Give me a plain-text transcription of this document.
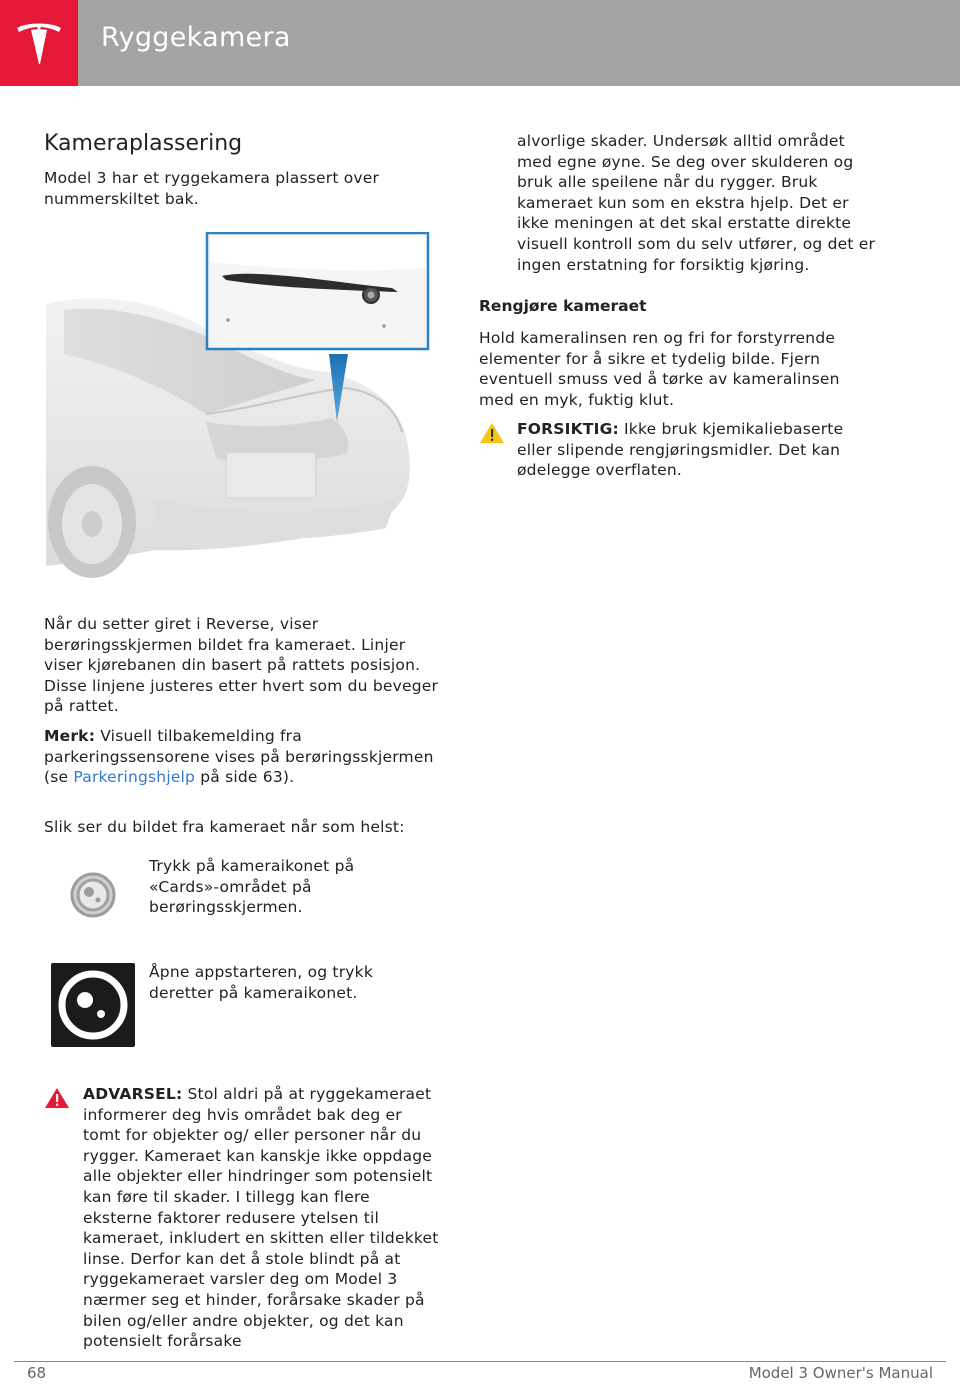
Ryggekamera
Kameraplassering

Model 3 har et ryggekamera plassert over nummerskiltet bak.

Når du setter giret i Reverse, viser berøringsskjermen bildet fra kameraet. Linjer viser kjørebanen din basert på rattets posisjon. Disse linjene justeres etter hvert som du beveger på rattet.

Merk: Visuell tilbakemelding fra parkeringssensorene vises på berøringsskjermen (se Parkeringshjelp på side 63).

Slik ser du bildet fra kameraet når som helst:

Trykk på kameraikonet på «Cards»-området på berøringsskjermen.

Åpne appstarteren, og trykk deretter på kameraikonet.

ADVARSEL: Stol aldri på at ryggekameraet informerer deg hvis området bak deg er tomt for objekter og/ eller personer når du rygger. Kameraet kan kanskje ikke oppdage alle objekter eller hindringer som potensielt kan føre til skader. I tillegg kan flere eksterne faktorer redusere ytelsen til kameraet, inkludert en skitten eller tildekket linse. Derfor kan det å stole blindt på at ryggekameraet varsler deg om Model 3 nærmer seg et hinder, forårsake skader på bilen og/eller andre objekter, og det kan potensielt forårsake

alvorlige skader. Undersøk alltid området med egne øyne. Se deg over skulderen og bruk alle speilene når du rygger. Bruk kameraet kun som en ekstra hjelp. Det er ikke meningen at det skal erstatte direkte visuell kontroll som du selv utfører, og det er ingen erstatning for forsiktig kjøring.

Rengjøre kameraet

Hold kameralinsen ren og fri for forstyrrende elementer for å sikre et tydelig bilde. Fjern eventuell smuss ved å tørke av kameralinsen med en myk, fuktig klut.

FORSIKTIG: Ikke bruk kjemikaliebaserte eller slipende rengjøringsmidler. Det kan ødelegge overflaten.

68	Model 3 Owner's Manual
